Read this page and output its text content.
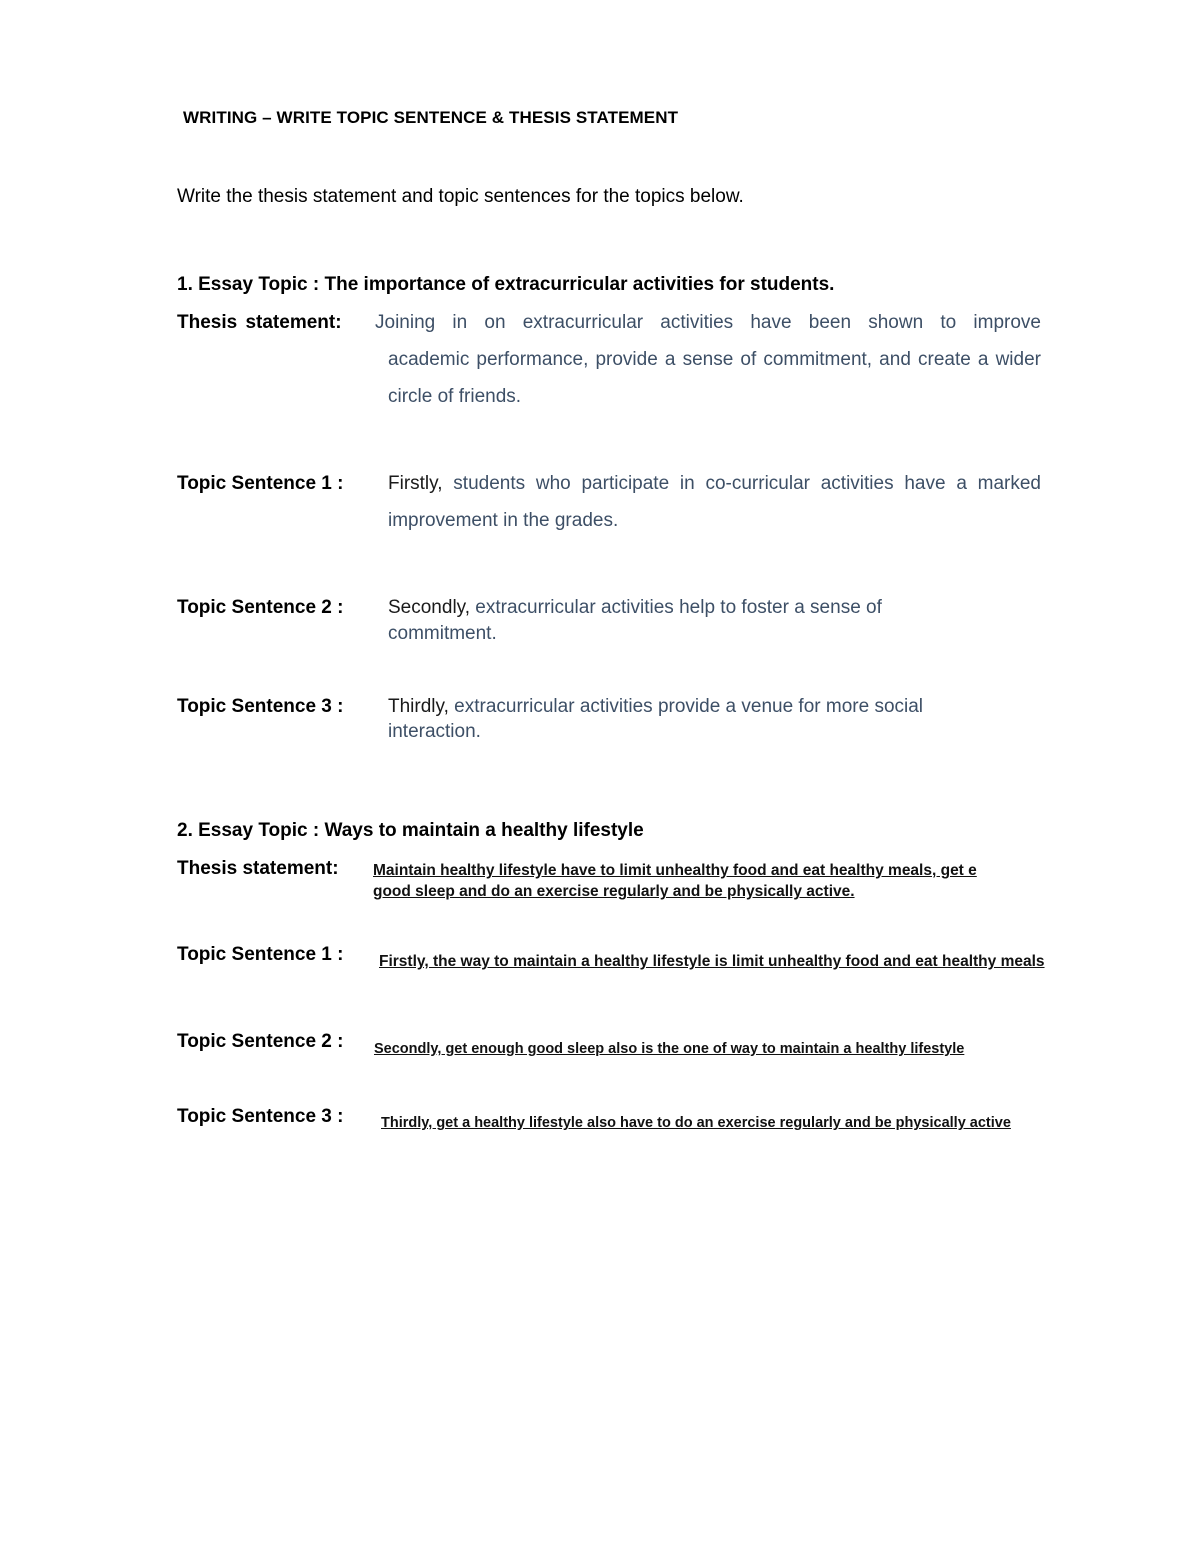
WRITING – WRITE TOPIC SENTENCE & THESIS STATEMENT
Write the thesis statement and topic sentences for the topics below.
1. Essay Topic : The importance of extracurricular activities for students.
Thesis statement: Joining in on extracurricular activities have been shown to improve
academic performance, provide a sense of commitment, and create a wider circle of friends.
Topic Sentence 1 : Firstly, students who participate in co-curricular activities have a marked improvement in the grades.
Topic Sentence 2 : Secondly, extracurricular activities help to foster a sense of
commitment.
Topic Sentence 3 : Thirdly, extracurricular activities provide a venue for more social
interaction.
2. Essay Topic : Ways to maintain a healthy lifestyle
Thesis statement: Maintain healthy lifestyle have to limit unhealthy food and eat healthy meals, get e
good sleep and do an exercise regularly and be physically active.
Topic Sentence 1 : Firstly, the way to maintain a healthy lifestyle is limit unhealthy food and eat healthy meals
Topic Sentence 2 : Secondly, get enough good sleep also is the one of way to maintain a healthy lifestyle
Topic Sentence 3 :	Thirdly, get a healthy lifestyle also have to do an exercise regularly and be physically active
